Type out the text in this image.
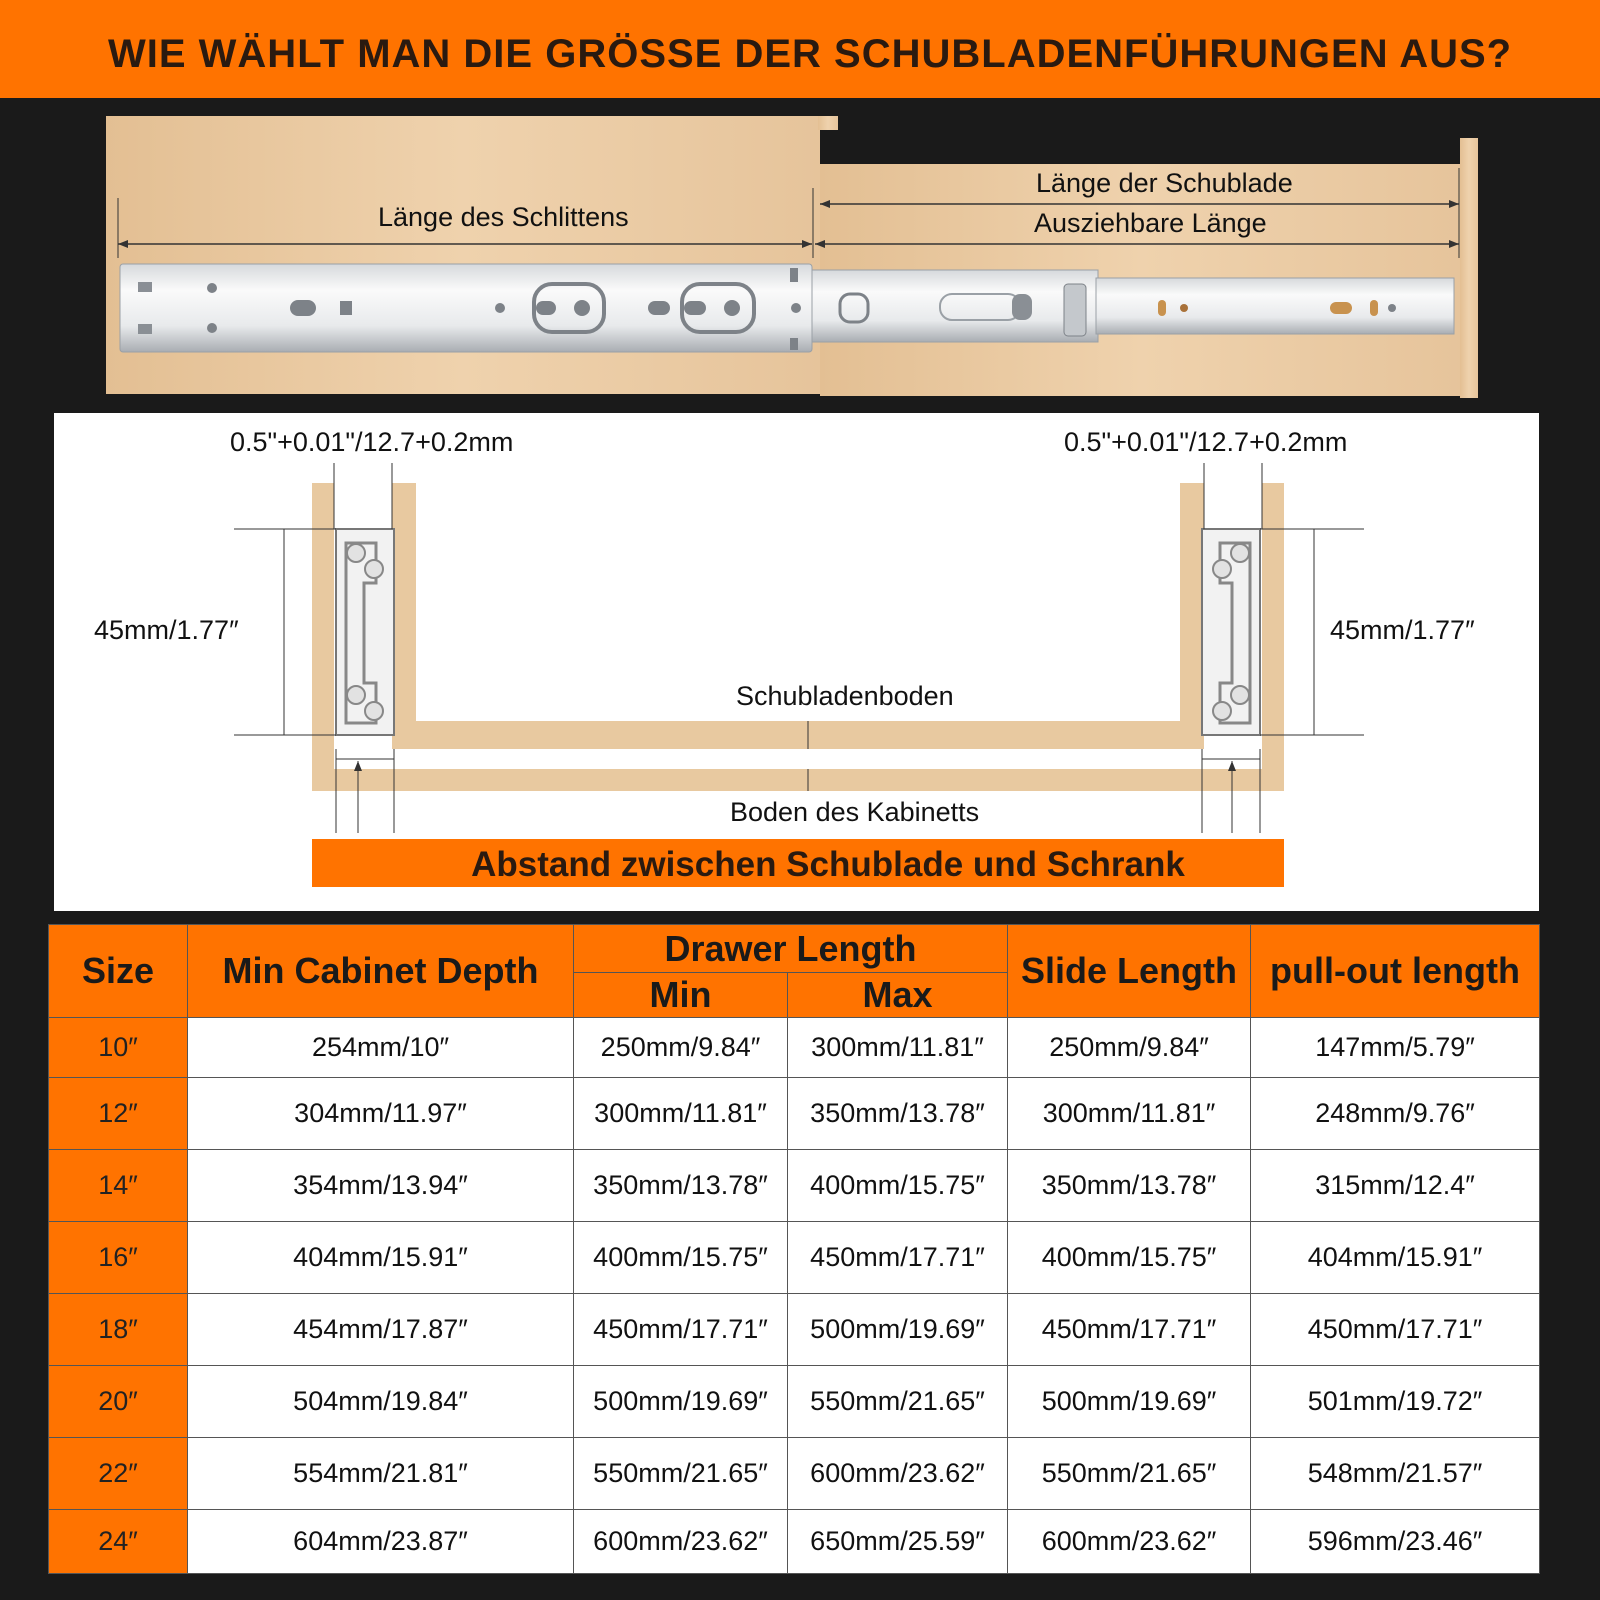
WIE WÄHLT MAN DIE GRÖSSE DER SCHUBLADENFÜHRUNGEN AUS?
Länge des Schlittens
Länge der Schublade
Ausziehbare Länge
0.5"+0.01"/12.7+0.2mm	0.5"+0.01"/12.7+0.2mm
45mm/1.77″	45mm/1.77″
Schubladenboden
Boden des Kabinetts
Abstand zwischen Schublade und Schrank
Size	Min Cabinet Depth	Drawer Length		Slide Length	pull-out length
		Min	Max		
10″	254mm/10″	250mm/9.84″	300mm/11.81″	250mm/9.84″	147mm/5.79″
12″	304mm/11.97″	300mm/11.81″	350mm/13.78″	300mm/11.81″	248mm/9.76″
14″	354mm/13.94″	350mm/13.78″	400mm/15.75″	350mm/13.78″	315mm/12.4″
16″	404mm/15.91″	400mm/15.75″	450mm/17.71″	400mm/15.75″	404mm/15.91″
18″	454mm/17.87″	450mm/17.71″	500mm/19.69″	450mm/17.71″	450mm/17.71″
20″	504mm/19.84″	500mm/19.69″	550mm/21.65″	500mm/19.69″	501mm/19.72″
22″	554mm/21.81″	550mm/21.65″	600mm/23.62″	550mm/21.65″	548mm/21.57″
24″	604mm/23.87″	600mm/23.62″	650mm/25.59″	600mm/23.62″	596mm/23.46″
